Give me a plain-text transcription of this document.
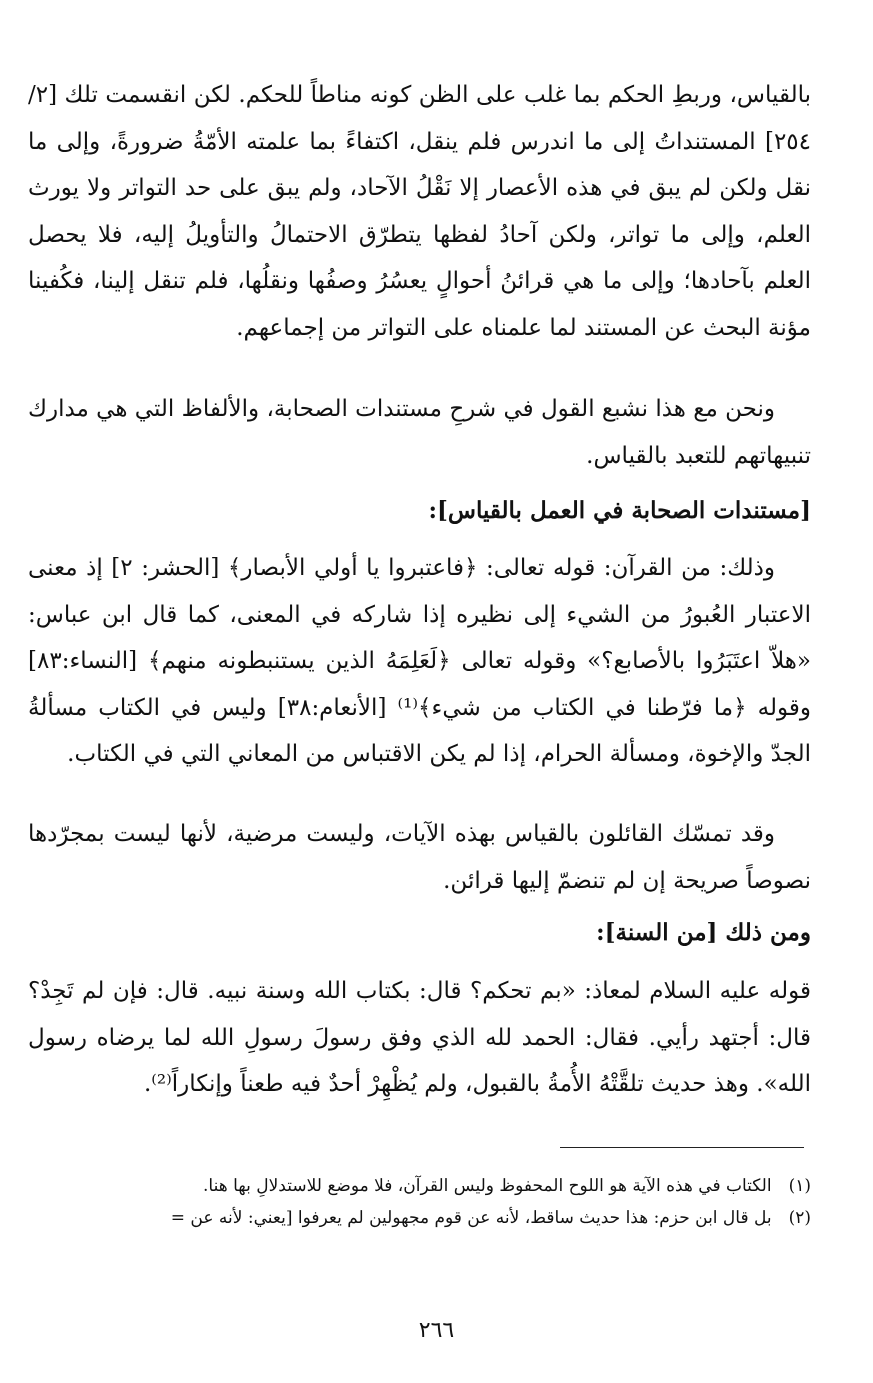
بالقياس، وربطِ الحكم بما غلب على الظن كونه مناطاً للحكم. لكن انقسمت تلك [٢/ ٢٥٤] المستنداتُ إلى ما اندرس فلم ينقل، اكتفاءً بما علمته الأمّةُ ضرورةً، وإلى ما نقل ولكن لم يبق في هذه الأعصار إلا نَقْلُ الآحاد، ولم يبق على حد التواتر ولا يورث العلم، وإلى ما تواتر، ولكن آحادُ لفظها يتطرّق الاحتمالُ والتأويلُ إليه، فلا يحصل العلم بآحادها؛ وإلى ما هي قرائنُ أحوالٍ يعسُرُ وصفُها ونقلُها، فلم تنقل إلينا، فكُفينا مؤنة البحث عن المستند لما علمناه على التواتر من إجماعهم.

ونحن مع هذا نشبع القول في شرحِ مستندات الصحابة، والألفاظ التي هي مدارك تنبيهاتهم للتعبد بالقياس.

[مستندات الصحابة في العمل بالقياس]:

وذلك: من القرآن: قوله تعالى: ﴿فاعتبروا يا أولي الأبصار﴾ [الحشر: ٢] إذ معنى الاعتبار العُبورُ من الشيء إلى نظيره إذا شاركه في المعنى، كما قال ابن عباس: «هلاّ اعتَبَرُوا بالأصابع؟» وقوله تعالى ﴿لَعَلِمَهُ الذين يستنبطونه منهم﴾ [النساء:٨٣] وقوله ﴿ما فرّطنا في الكتاب من شيء﴾⁽¹⁾ [الأنعام:٣٨] وليس في الكتاب مسألةُ الجدّ والإخوة، ومسألة الحرام، إذا لم يكن الاقتباس من المعاني التي في الكتاب.

وقد تمسّك القائلون بالقياس بهذه الآيات، وليست مرضية، لأنها ليست بمجرّدها نصوصاً صريحة إن لم تنضمّ إليها قرائن.

ومن ذلك [من السنة]:

قوله عليه السلام لمعاذ: «بم تحكم؟ قال: بكتاب الله وسنة نبيه. قال: فإن لم تَجِدْ؟ قال: أجتهد رأيي. فقال: الحمد لله الذي وفق رسولَ رسولِ الله لما يرضاه رسول الله». وهذ حديث تلقَّتْهُ الأُمةُ بالقبول، ولم يُظْهِرْ أحدٌ فيه طعناً وإنكاراً⁽²⁾.

(١) الكتاب في هذه الآية هو اللوح المحفوظ وليس القرآن، فلا موضع للاستدلالِ بها هنا.

(٢) بل قال ابن حزم: هذا حديث ساقط، لأنه عن قوم مجهولين لم يعرفوا [يعني: لأنه عن =

٢٦٦
